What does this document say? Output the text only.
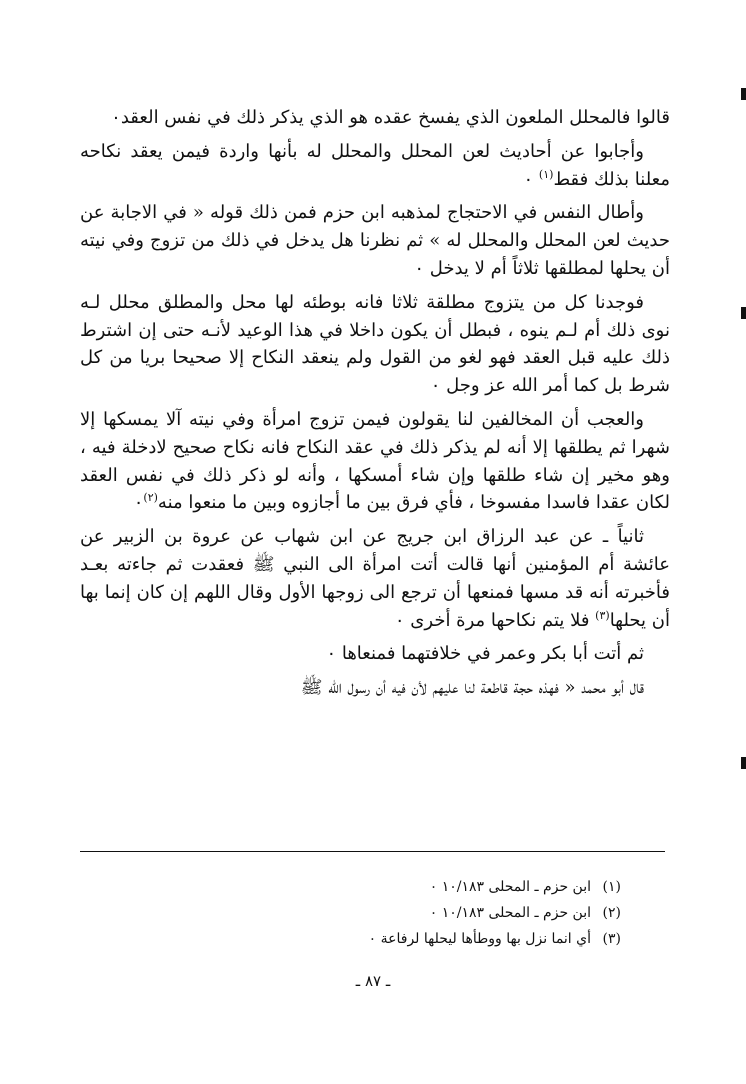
قالوا فالمحلل الملعون الذي يفسخ عقده هو الذي يذكر ذلك في نفس العقد٠

وأجابوا عن أحاديث لعن المحلل والمحلل له بأنها واردة فيمن يعقد نكاحه معلنا بذلك فقط$^{(١)}$ ٠

وأطال النفس في الاحتجاج لمذهبه ابن حزم فمن ذلك قوله « في الاجابة عن حديث لعن المحلل والمحلل له » ثم نظرنا هل يدخل في ذلك من تزوج وفي نيته أن يحلها لمطلقها ثلاثاً أم لا يدخل ٠

فوجدنا كل من يتزوج مطلقة ثلاثا فانه بوطئه لها محل والمطلق محلل لـه نوى ذلك أم لـم ينوه ، فبطل أن يكون داخلا في هذا الوعيد لأنـه حتى إن اشترط ذلك عليه قبل العقد فهو لغو من القول ولم ينعقد النكاح إلا صحيحا بريا من كل شرط بل كما أمر الله عز وجل ٠

والعجب أن المخالفين لنا يقولون فيمن تزوج امرأة وفي نيته آلا يمسكها إلا شهرا ثم يطلقها إلا أنه لم يذكر ذلك في عقد النكاح فانه نكاح صحيح لادخلة فيه ، وهو مخير إن شاء طلقها وإن شاء أمسكها ، وأنه لو ذكر ذلك في نفس العقد لكان عقدا فاسدا مفسوخا ، فأي فرق بين ما أجازوه وبين ما منعوا منه$^{(٢)}$٠

ثانياً ـ عن عبد الرزاق ابن جريج عن ابن شهاب عن عروة بن الزبير عن عائشة أم المؤمنين أنها قالت أتت امرأة الى النبي ﷺ فعقدت ثم جاءته بعـد فأخبرته أنه قد مسها فمنعها أن ترجع الى زوجها الأول وقال اللهم إن كان إنما بها أن يحلها$^{(٣)}$ فلا يتم نكاحها مرة أخرى ٠

ثم أتت أبا بكر وعمر في خلافتهما فمنعاها ٠

قال أبو محمد « فهذه حجة قاطعة لنا عليهم لأن فيه أن رسول الله ﷺ

(١)ابن حزم ـ المحلى ١٠/١٨٣ ٠
(٢)ابن حزم ـ المحلى ١٠/١٨٣ ٠
(٣)أي انما نزل بها ووطأها ليحلها لرفاعة ٠
ـ ٨٧ ـ
